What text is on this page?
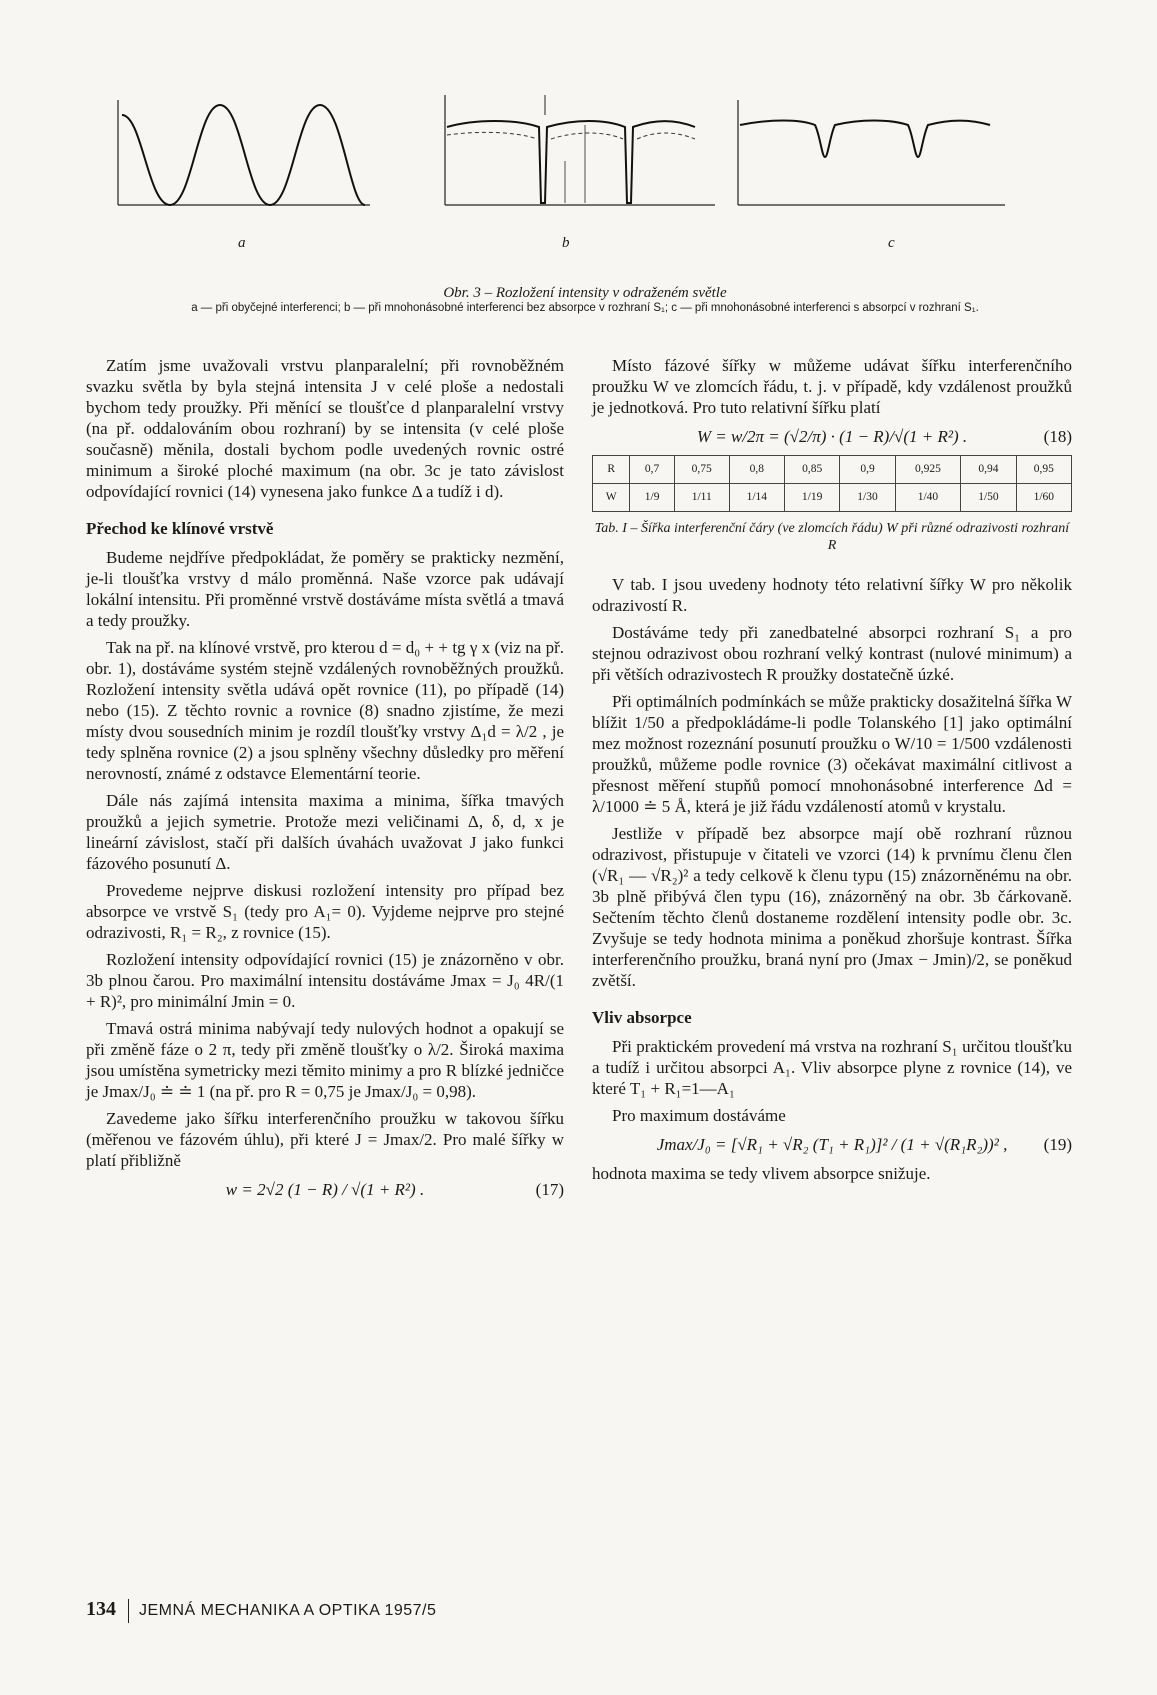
a	b	c
Obr. 3 – Rozložení intensity v odraženém světle
a — při obyčejné interferenci; b — při mnohonásobné interferenci bez absorpce v rozhraní S₁; c — při mnohonásobné interferenci s absorpcí v rozhraní S₁.

Zatím jsme uvažovali vrstvu planparalelní; při rovnoběžném svazku světla by byla stejná intensita J v celé ploše a nedostali bychom tedy proužky. Při měnící se tloušťce d planparalelní vrstvy (na př. oddalováním obou rozhraní) by se intensita (v celé ploše současně) měnila, dostali bychom podle uvedených rovnic ostré minimum a široké ploché maximum (na obr. 3c je tato závislost odpovídající rovnici (14) vynesena jako funkce Δ a tudíž i d).

Přechod ke klínové vrstvě

Budeme nejdříve předpokládat, že poměry se prakticky nezmění, je-li tloušťka vrstvy d málo proměnná. Naše vzorce pak udávají lokální intensitu. Při proměnné vrstvě dostáváme místa světlá a tmavá a tedy proužky.

Tak na př. na klínové vrstvě, pro kterou d = d₀ + + tg γ x (viz na př. obr. 1), dostáváme systém stejně vzdálených rovnoběžných proužků. Rozložení intensity světla udává opět rovnice (11), po případě (14) nebo (15). Z těchto rovnic a rovnice (8) snadno zjistíme, že mezi místy dvou sousedních minim je rozdíl tloušťky vrstvy Δ₁d = λ/2 , je tedy splněna rovnice (2) a jsou splněny všechny důsledky pro měření nerovností, známé z odstavce Elementární teorie.

Dále nás zajímá intensita maxima a minima, šířka tmavých proužků a jejich symetrie. Protože mezi veličinami Δ, δ, d, x je lineární závislost, stačí při dalších úvahách uvažovat J jako funkci fázového posunutí Δ.

Provedeme nejprve diskusi rozložení intensity pro případ bez absorpce ve vrstvě S₁ (tedy pro A₁= 0). Vyjdeme nejprve pro stejné odrazivosti, R₁ = R₂, z rovnice (15).

Rozložení intensity odpovídající rovnici (15) je znázorněno v obr. 3b plnou čarou. Pro maximální intensitu dostáváme Jmax = J₀ 4R/(1 + R)², pro minimální Jmin = 0.

Tmavá ostrá minima nabývají tedy nulových hodnot a opakují se při změně fáze o 2 π, tedy při změně tloušťky o λ/2. Široká maxima jsou umístěna symetricky mezi těmito minimy a pro R blízké jedničce je Jmax/J₀ ≐ ≐ 1 (na př. pro R = 0,75 je Jmax/J₀ = 0,98).

Zavedeme jako šířku interferenčního proužku w takovou šířku (měřenou ve fázovém úhlu), při které J = Jmax/2. Pro malé šířky w platí přibližně

w = 2√2 (1 − R) / √(1 + R²) .	(17)

Místo fázové šířky w můžeme udávat šířku interferenčního proužku W ve zlomcích řádu, t. j. v případě, kdy vzdálenost proužků je jednotková. Pro tuto relativní šířku platí

W = w/2π = (√2/π) · (1 − R)/√(1 + R²) .	(18)
R	0,7	0,75	0,8	0,85	0,9	0,925	0,94	0,95
W	1/9	1/11	1/14	1/19	1/30	1/40	1/50	1/60
Tab. I – Šířka interferenční čáry (ve zlomcích řádu) W při různé odrazivosti rozhraní R

V tab. I jsou uvedeny hodnoty této relativní šířky W pro několik odrazivostí R.

Dostáváme tedy při zanedbatelné absorpci rozhraní S₁ a pro stejnou odrazivost obou rozhraní velký kontrast (nulové minimum) a při větších odrazivostech R proužky dostatečně úzké.

Při optimálních podmínkách se může prakticky dosažitelná šířka W blížit 1/50 a předpokládáme-li podle Tolanského [1] jako optimální mez možnost rozeznání posunutí proužku o W/10 = 1/500 vzdálenosti proužků, můžeme podle rovnice (3) očekávat maximální citlivost a přesnost měření stupňů pomocí mnohonásobné interference Δd = λ/1000 ≐ 5 Å, která je již řádu vzdáleností atomů v krystalu.

Jestliže v případě bez absorpce mají obě rozhraní různou odrazivost, přistupuje v čitateli ve vzorci (14) k prvnímu členu člen (√R₁ — √R₂)² a tedy celkově k členu typu (15) znázorněnému na obr. 3b plně přibývá člen typu (16), znázorněný na obr. 3b čárkovaně. Sečtením těchto členů dostaneme rozdělení intensity podle obr. 3c. Zvyšuje se tedy hodnota minima a poněkud zhoršuje kontrast. Šířka interferenčního proužku, braná nyní pro (Jmax − Jmin)/2, se poněkud zvětší.

Vliv absorpce

Při praktickém provedení má vrstva na rozhraní S₁ určitou tloušťku a tudíž i určitou absorpci A₁. Vliv absorpce plyne z rovnice (14), ve které T₁ + R₁=1—A₁

Pro maximum dostáváme

Jmax/J₀ = [√R₁ + √R₂ (T₁ + R₁)]² / (1 + √(R₁R₂))² , (19)

hodnota maxima se tedy vlivem absorpce snižuje.

134 JEMNÁ MECHANIKA A OPTIKA 1957/5
